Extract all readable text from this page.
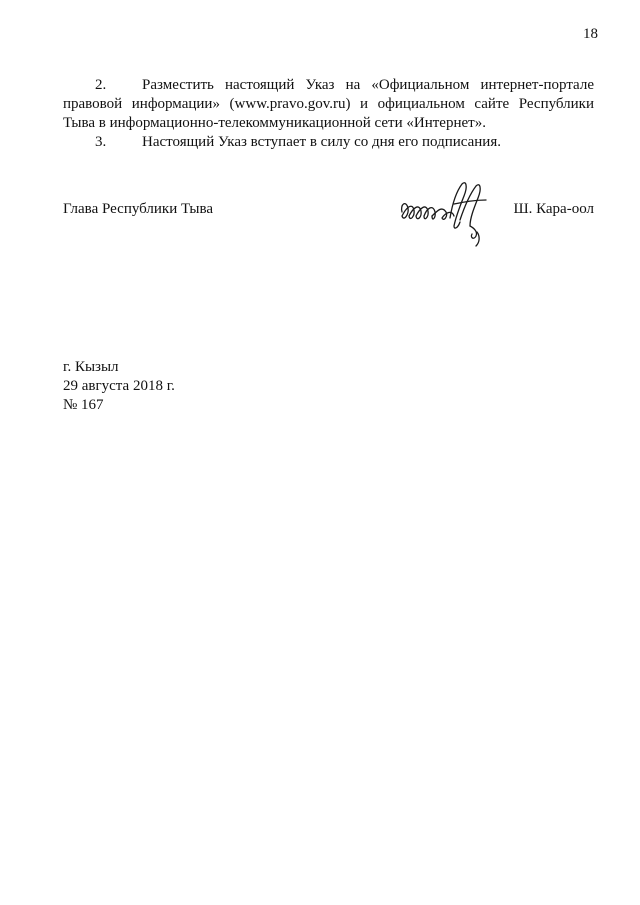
18

2. Разместить настоящий Указ на «Официальном интернет-портале правовой информации» (www.pravo.gov.ru) и официальном сайте Республики Тыва в информационно-телекоммуникационной сети «Интернет».

3. Настоящий Указ вступает в силу со дня его подписания.

Глава Республики Тыва	Ш. Кара-оол
г. Кызыл
29 августа 2018 г.
№ 167
